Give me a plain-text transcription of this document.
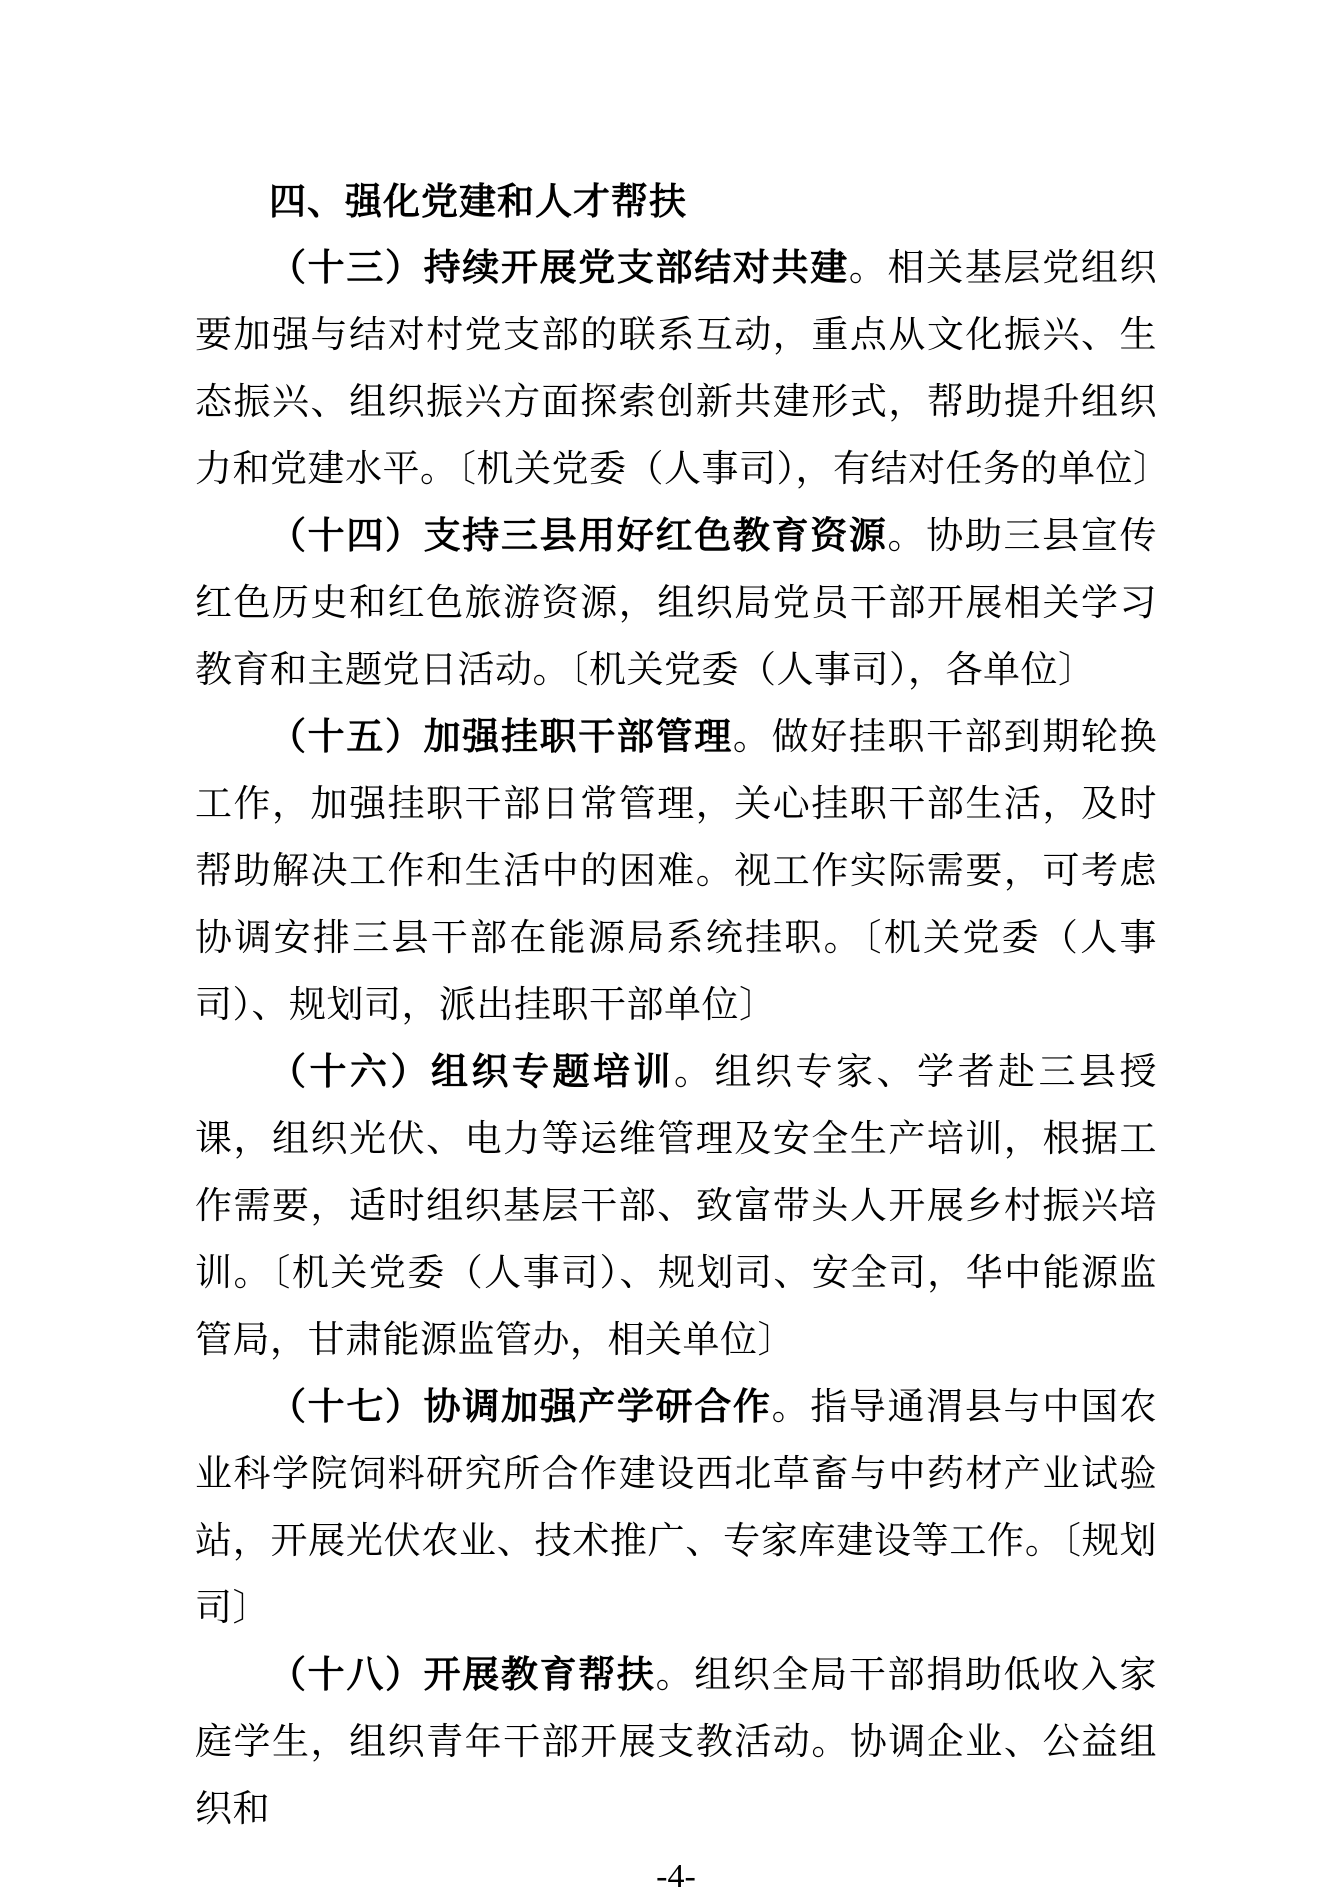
四、强化党建和人才帮扶

（十三）持续开展党支部结对共建。相关基层党组织要加强与结对村党支部的联系互动，重点从文化振兴、生态振兴、组织振兴方面探索创新共建形式，帮助提升组织力和党建水平。〔机关党委（人事司），有结对任务的单位〕

（十四）支持三县用好红色教育资源。协助三县宣传红色历史和红色旅游资源，组织局党员干部开展相关学习教育和主题党日活动。〔机关党委（人事司），各单位〕

（十五）加强挂职干部管理。做好挂职干部到期轮换工作，加强挂职干部日常管理，关心挂职干部生活，及时帮助解决工作和生活中的困难。视工作实际需要，可考虑协调安排三县干部在能源局系统挂职。〔机关党委（人事司）、规划司，派出挂职干部单位〕

（十六）组织专题培训。组织专家、学者赴三县授课，组织光伏、电力等运维管理及安全生产培训，根据工作需要，适时组织基层干部、致富带头人开展乡村振兴培训。〔机关党委（人事司）、规划司、安全司，华中能源监管局，甘肃能源监管办，相关单位〕

（十七）协调加强产学研合作。指导通渭县与中国农业科学院饲料研究所合作建设西北草畜与中药材产业试验站，开展光伏农业、技术推广、专家库建设等工作。〔规划司〕

（十八）开展教育帮扶。组织全局干部捐助低收入家庭学生，组织青年干部开展支教活动。协调企业、公益组织和

-4-
